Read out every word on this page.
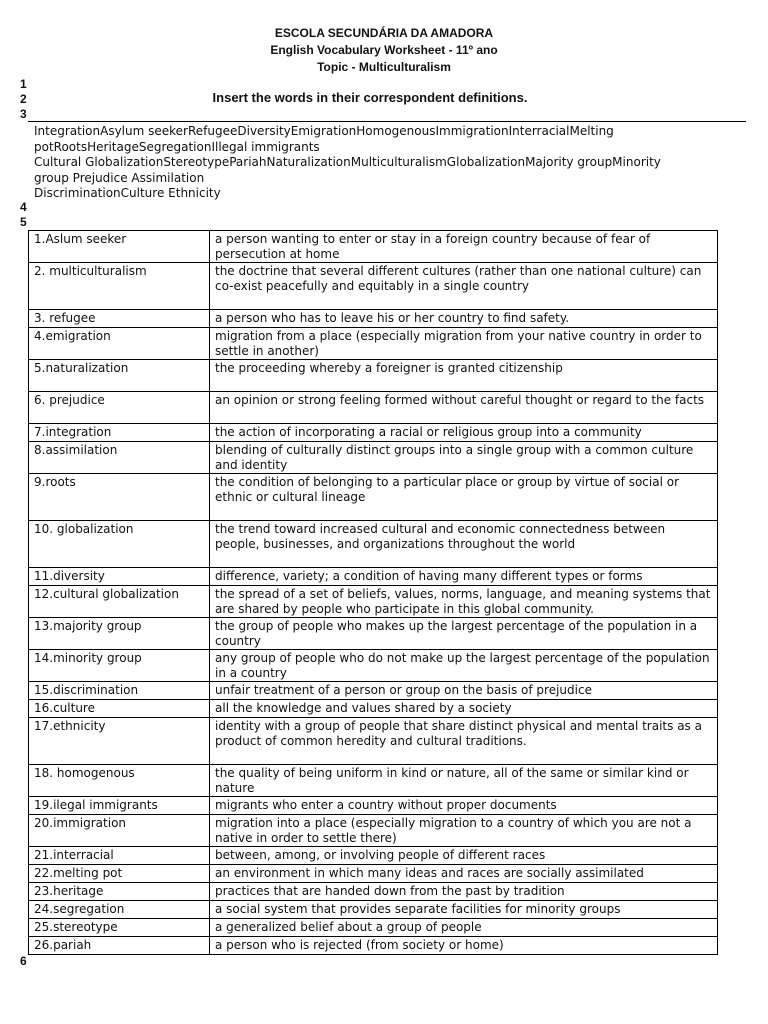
ESCOLA SECUNDÁRIA DA AMADORA
English Vocabulary Worksheet - 11º ano
Topic - Multiculturalism
1
2
3
4
5
6
Insert the words in their correspondent definitions.
IntegrationAsylum seekerRefugeeDiversityEmigrationHomogenousImmigrationInterracialMelting
potRootsHeritageSegregationIllegal immigrants
Cultural GlobalizationStereotypePariahNaturalizationMulticulturalismGlobalizationMajority groupMinority
group Prejudice Assimilation
DiscriminationCulture Ethnicity
1.Aslum seeker	a person wanting to enter or stay in a foreign country because of fear of persecution at home
2. multiculturalism	the doctrine that several different cultures (rather than one national culture) can co-exist peacefully and equitably in a single country
3. refugee	a person who has to leave his or her country to find safety.
4.emigration	migration from a place (especially migration from your native country in order to settle in another)
5.naturalization	the proceeding whereby a foreigner is granted citizenship
6. prejudice	an opinion or strong feeling formed without careful thought or regard to the facts
7.integration	the action of incorporating a racial or religious group into a community
8.assimilation	blending of culturally distinct groups into a single group with a common culture and identity
9.roots	the condition of belonging to a particular place or group by virtue of social or ethnic or cultural lineage
10. globalization	the trend toward increased cultural and economic connectedness between people, businesses, and organizations throughout the world
11.diversity	difference, variety; a condition of having many different types or forms
12.cultural globalization	the spread of a set of beliefs, values, norms, language, and meaning systems that are shared by people who participate in this global community.
13.majority group	the group of people who makes up the largest percentage of the population in a country
14.minority group	any group of people who do not make up the largest percentage of the population in a country
15.discrimination	unfair treatment of a person or group on the basis of prejudice
16.culture	all the knowledge and values shared by a society
17.ethnicity	identity with a group of people that share distinct physical and mental traits as a product of common heredity and cultural traditions.
18. homogenous	the quality of being uniform in kind or nature, all of the same or similar kind or nature
19.ilegal immigrants	migrants who enter a country without proper documents
20.immigration	migration into a place (especially migration to a country of which you are not a native in order to settle there)
21.interracial	between, among, or involving people of different races
22.melting pot	an environment in which many ideas and races are socially assimilated
23.heritage	practices that are handed down from the past by tradition
24.segregation	a social system that provides separate facilities for minority groups
25.stereotype	a generalized belief about a group of people
26.pariah	a person who is rejected (from society or home)
